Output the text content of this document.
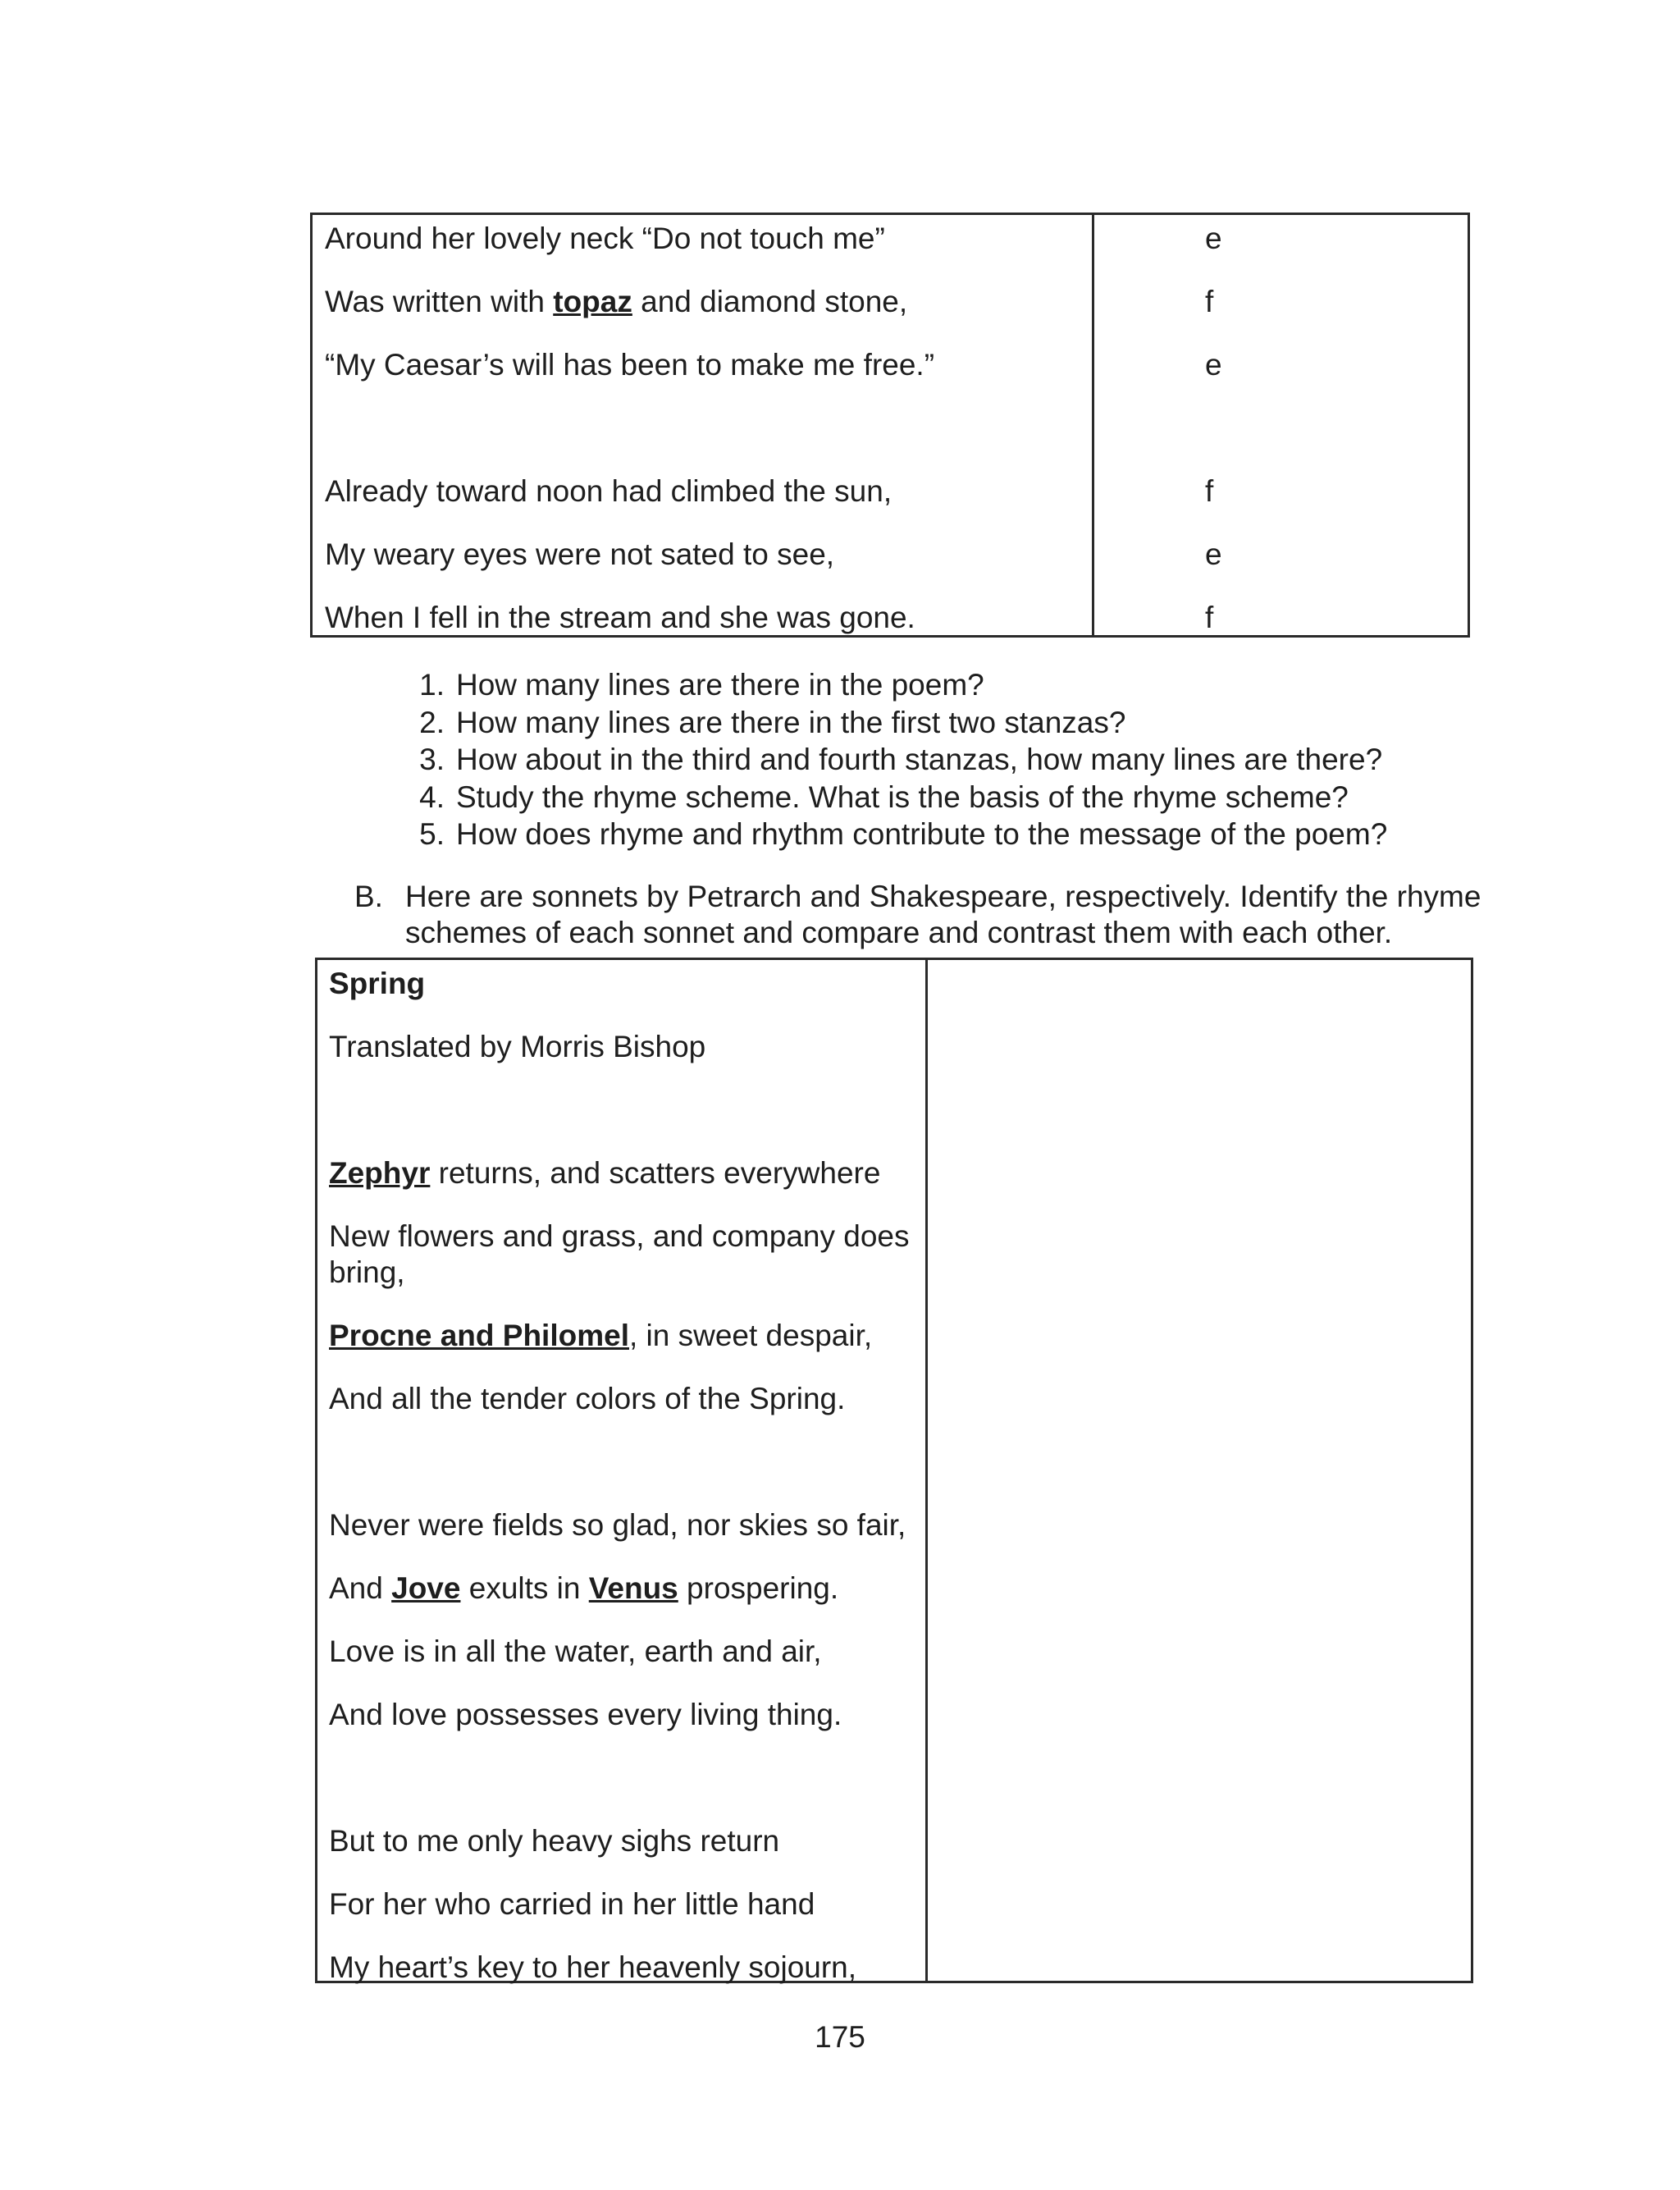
Around her lovely neck “Do not touch me”	e
Was written with topaz and diamond stone,	f
“My Caesar’s will has been to make me free.”	e
Already toward noon had climbed the sun,	f
My weary eyes were not sated to see,	e
When I fell in the stream and she was gone.	f
1. How many lines are there in the poem?
2. How many lines are there in the first two stanzas?
3. How about in the third and fourth stanzas, how many lines are there?
4. Study the rhyme scheme. What is the basis of the rhyme scheme?
5. How does rhyme and rhythm contribute to the message of the poem?
B. Here are sonnets by Petrarch and Shakespeare, respectively. Identify the rhyme
schemes of each sonnet and compare and contrast them with each other.
Spring
Translated by Morris Bishop
Zephyr returns, and scatters everywhere
New flowers and grass, and company does bring,
Procne and Philomel, in sweet despair,
And all the tender colors of the Spring.
Never were fields so glad, nor skies so fair,
And Jove exults in Venus prospering.
Love is in all the water, earth and air,
And love possesses every living thing.
But to me only heavy sighs return
For her who carried in her little hand
My heart’s key to her heavenly sojourn,
175
